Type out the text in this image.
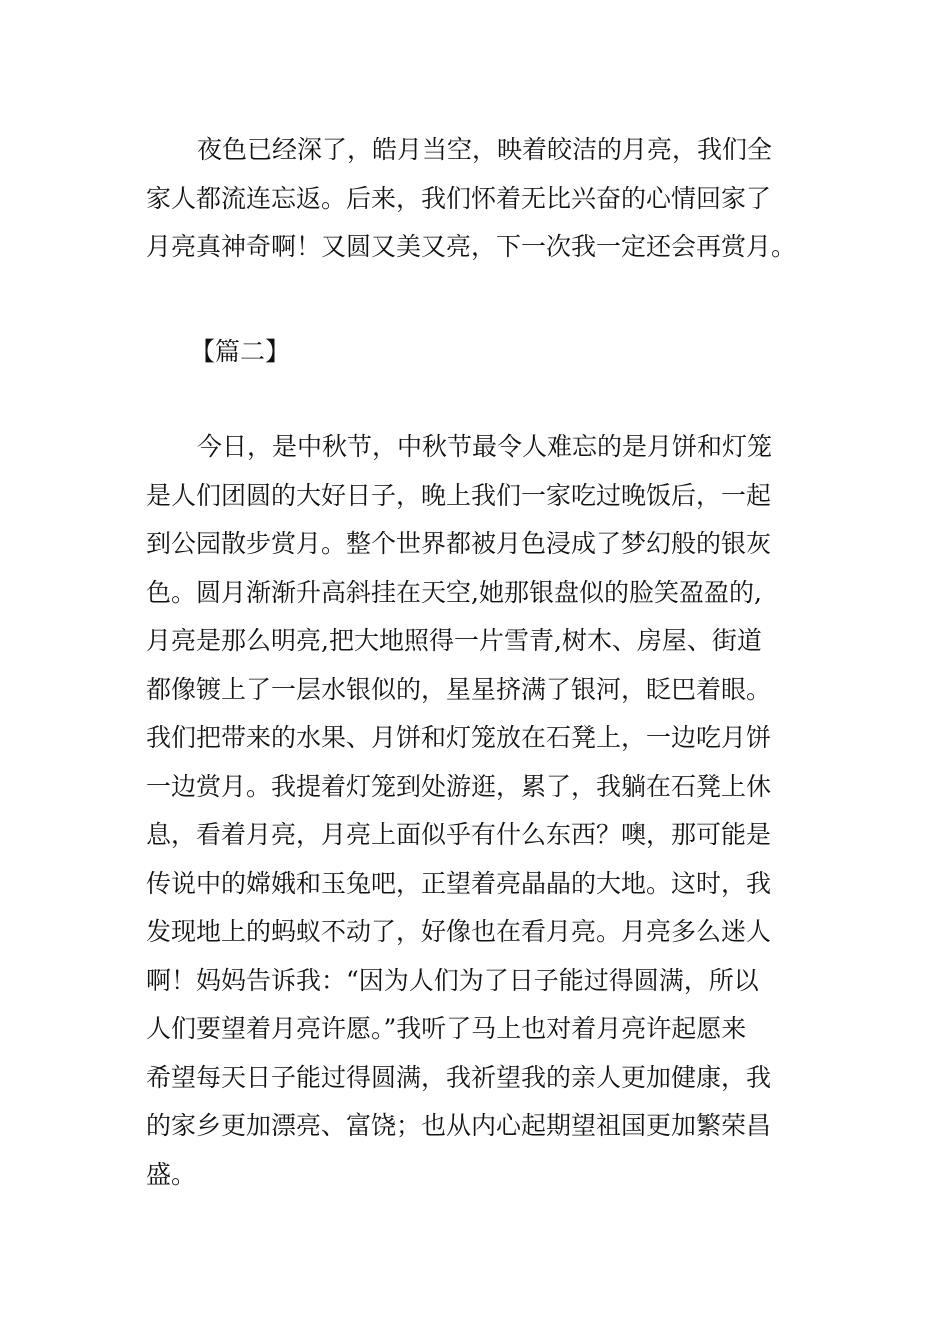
夜色已经深了，皓月当空，映着皎洁的月亮，我们全
家人都流连忘返。后来，我们怀着无比兴奋的心情回家了
月亮真神奇啊！又圆又美又亮，下一次我一定还会再赏月。
【篇二】
今日，是中秋节，中秋节最令人难忘的是月饼和灯笼
是人们团圆的大好日子，晚上我们一家吃过晚饭后，一起
到公园散步赏月。整个世界都被月色浸成了梦幻般的银灰
色。圆月渐渐升高斜挂在天空,她那银盘似的脸笑盈盈的,
月亮是那么明亮,把大地照得一片雪青,树木、房屋、街道
都像镀上了一层水银似的，星星挤满了银河，眨巴着眼。
我们把带来的水果、月饼和灯笼放在石凳上，一边吃月饼
一边赏月。我提着灯笼到处游逛，累了，我躺在石凳上休
息，看着月亮，月亮上面似乎有什么东西？噢，那可能是
传说中的嫦娥和玉兔吧，正望着亮晶晶的大地。这时，我
发现地上的蚂蚁不动了，好像也在看月亮。月亮多么迷人
啊！妈妈告诉我：“因为人们为了日子能过得圆满，所以
人们要望着月亮许愿。”我听了马上也对着月亮许起愿来
希望每天日子能过得圆满，我祈望我的亲人更加健康，我
的家乡更加漂亮、富饶；也从内心起期望祖国更加繁荣昌
盛。
